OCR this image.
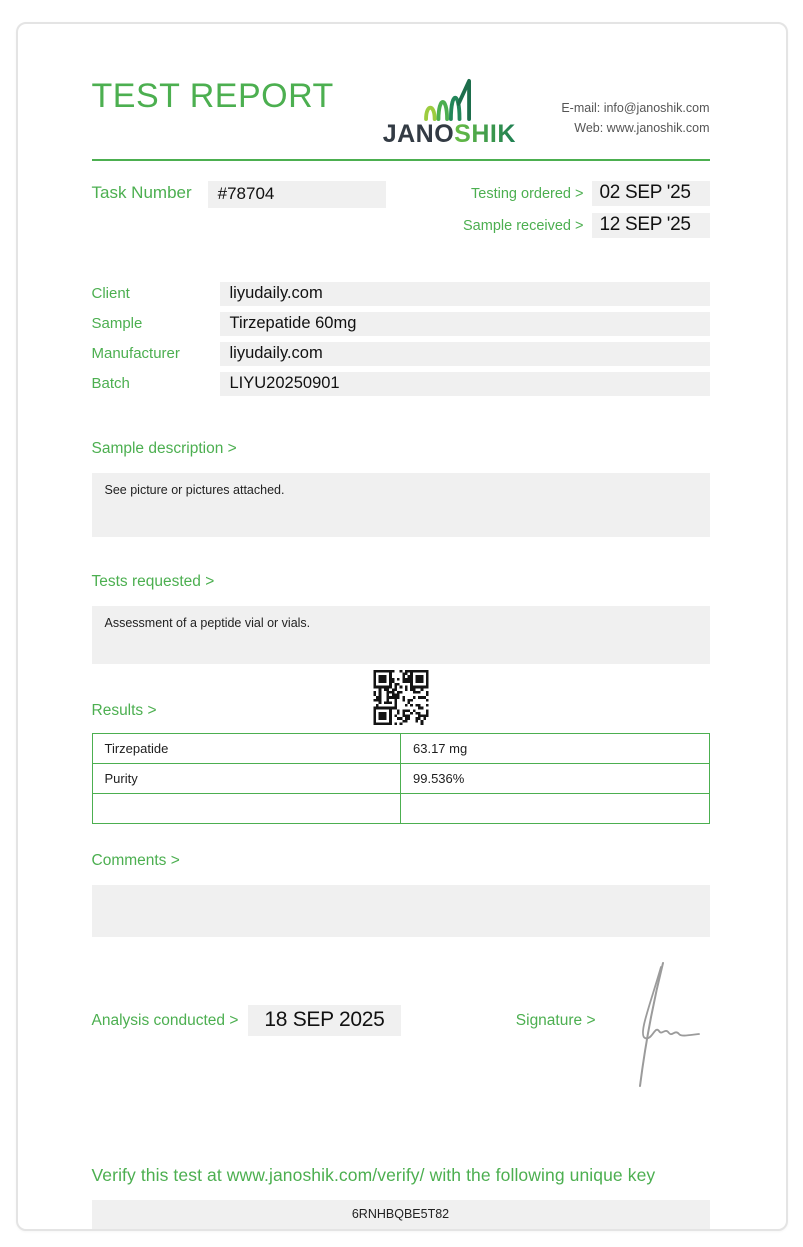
TEST REPORT
JANOSHIK
E-mail: info@janoshik.com
Web: www.janoshik.com
Task Number	#78704	Testing ordered > 02 SEP '25
Sample received > 12 SEP '25
Client	liyudaily.com
Sample	Tirzepatide 60mg
Manufacturer	liyudaily.com
Batch	LIYU20250901
Sample description >
See picture or pictures attached.
Tests requested >
Assessment of a peptide vial or vials.
Results >
Tirzepatide	63.17 mg
Purity	99.536%

Comments >
Analysis conducted >	18 SEP 2025	Signature >
Verify this test at www.janoshik.com/verify/ with the following unique key
6RNHBQBE5T82
